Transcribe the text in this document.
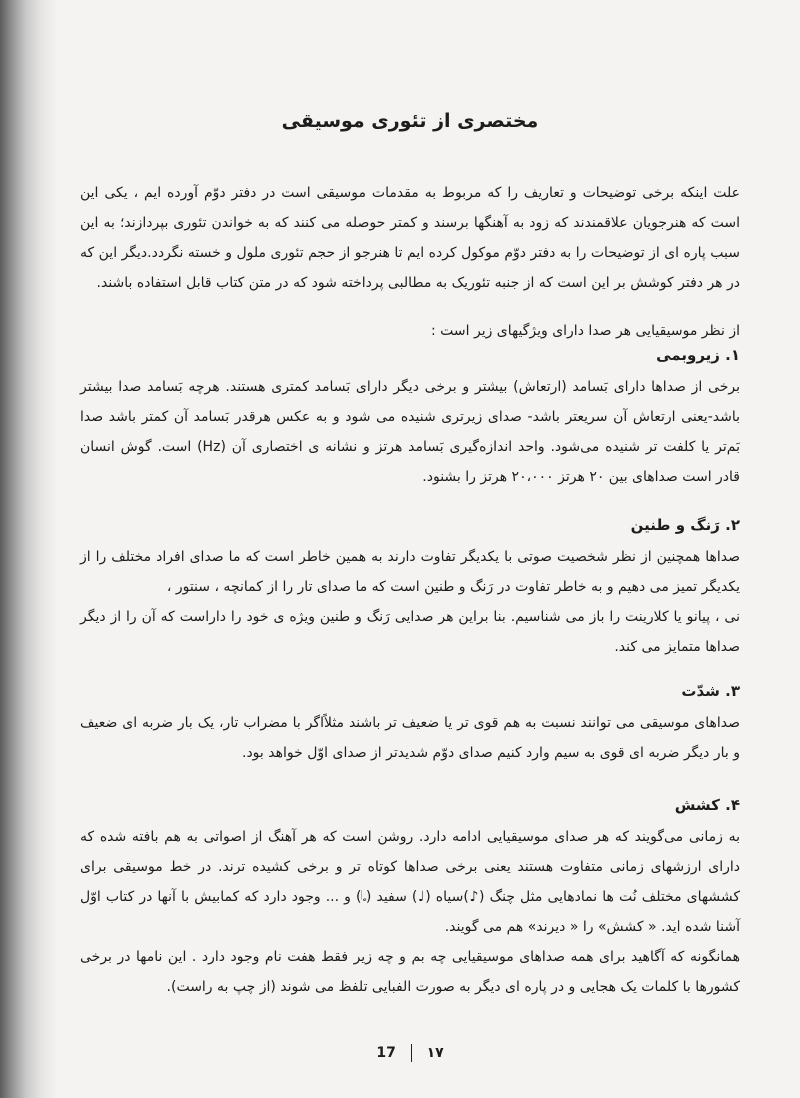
مختصری از تئوری موسیقی

علت اینکه برخی توضیحات و تعاریف را که مربوط به مقدمات موسیقی است در دفتر دوّم آورده ایم ، یکی این است که هنرجویان علاقمندند که زود به آهنگها برسند و کمتر حوصله می کنند که به خواندن تئوری بپردازند؛ به این سبب پاره ای از توضیحات را به دفتر دوّم موکول کرده ایم تا هنرجو از حجم تئوری ملول و خسته نگردد.دیگر این که در هر دفتر کوشش بر این است که از جنبه تئوریک به مطالبی پرداخته شود که در متن کتاب قابل استفاده باشند.

از نظر موسیقیایی هر صدا دارای ویژگیهای زیر است :

۱. زیروبمی

برخی از صداها دارای بَسامد (ارتعاش) بیشتر و برخی دیگر دارای بَسامد کمتری هستند. هرچه بَسامد صدا بیشتر باشد-یعنی ارتعاش آن سریعتر باشد- صدای زیرتری شنیده می شود و به عکس هرقدر بَسامد آن کمتر باشد صدا بَم‌تر یا کلفت تر شنیده می‌شود. واحد اندازه‌گیری بَسامد هرتز و نشانه ی اختصاری آن (Hz) است. گوش انسان قادر است صداهای بین ۲۰ هرتز ۲۰،۰۰۰ هرتز را بشنود.

۲. رَنگ و طنین

صداها همچنین از نظر شخصیت صوتی با یکدیگر تفاوت دارند به همین خاطر است که ما صدای افراد مختلف را از یکدیگر تمیز می دهیم و به خاطر تفاوت در رَنگ و طنین است که ما صدای تار را از کمانچه ، سنتور ،

نی ، پیانو یا کلارینت را باز می شناسیم. بنا براین هر صدایی رَنگ و طنین ویژه ی خود را داراست که آن را از دیگر صداها متمایز می کند.

۳. شدّت

صداهای موسیقی می توانند نسبت به هم قوی تر یا ضعیف تر باشند مثلاًاگر با مضراب تار، یک بار ضربه ای ضعیف و بار دیگر ضربه ای قوی به سیم وارد کنیم صدای دوّم شدیدتر از صدای اوّل خواهد بود.

۴. کشش

به زمانی می‌گویند که هر صدای موسیقیایی ادامه دارد. روشن است که هر آهنگ از اصواتی به هم بافته شده که دارای ارزشهای زمانی متفاوت هستند یعنی برخی صداها کوتاه تر و برخی کشیده ترند. در خط موسیقی برای کششهای مختلف نُت ها نمادهایی مثل چنگ (♪)سیاه (♩) سفید (𝅗𝅥) و ... وجود دارد که کمابیش با آنها در کتاب اوّل آشنا شده اید. « کشش» را « دیرند» هم می گویند.

همانگونه که آگاهید برای همه صداهای موسیقیایی چه بم و چه زیر فقط هفت نام وجود دارد . این نامها در برخی کشورها با کلمات یک هجایی و در پاره ای دیگر به صورت الفبایی تلفظ می شوند (از چپ به راست).

17 ۱۷
